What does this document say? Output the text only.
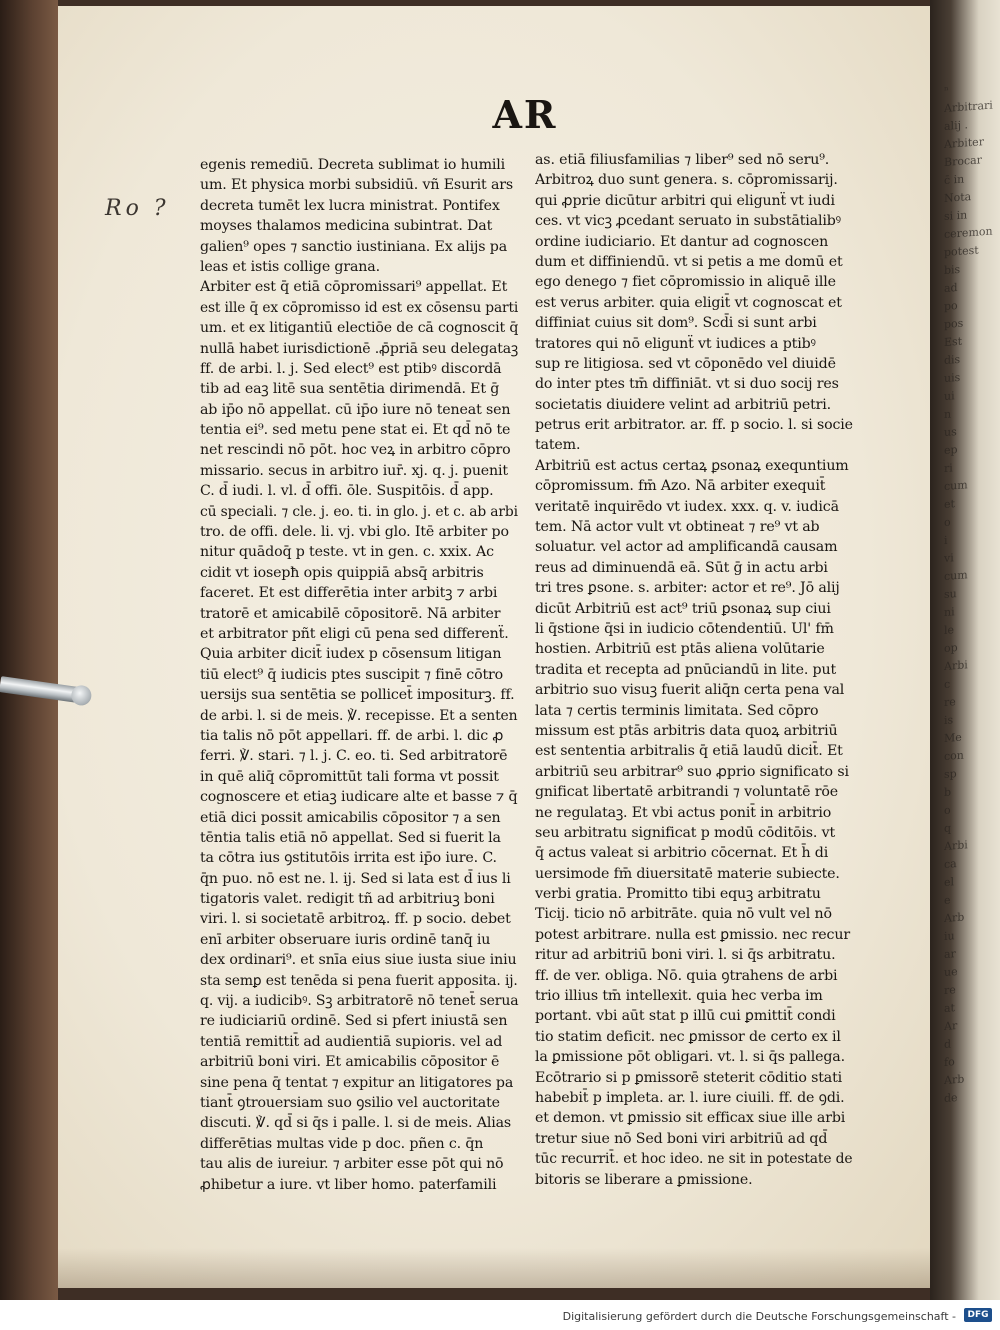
ⁿ
Arbitrari
alij .
Arbiter
Brocar
c̄ in
Nota
si in
ceremon
potest
bis
ad
po
pos
Est
dis
uis
ui
n
us
ep
ri
cum
et
o
i
vi
cum
su
ni
le
op
Arbi
c
re
is
Me
con
sp
b
o
q
Arbi
ca
el
e
Arb
iu
ar
ue
re
at
Ar
d
fo
Arb
de
AR
Ro ?
egenis remediū. Decreta sublimat io humili
um. Et physica morbi subsidiū. vñ Esurit ars
decreta tumēt lex lucra ministrat. Pontifex
moyses thalamos medicina subintrat. Dat
galien⁹ opes ⁊ sanctio iustiniana. Ex alijs pa
leas et istis collige grana.
Arbiter est q̄ etiā cōpromissari⁹ appellat. Et
est ille q̄ ex cōpromisso id est ex cōsensu parti
um. et ex litigantiū electiōe de cā cognoscit q̄
nullā habet iurisdictionē .ꝓ̄priā seu delegataꝫ
ff. de arbi. l. j. Sed elect⁹ est ptibꝰ discordā
tib ad eaꝫ litē sua sentētia dirimendā. Et ḡ
ab ip̄o nō appellat. cū ip̄o iure nō teneat sen
tentia ei⁹. sed metu pene stat ei. Et qd̄ nō te
net rescindi nō pōt. hoc veꝝ in arbitro cōpro
missario. secus in arbitro iur̄. xj. q. j. puenit
C. d̄ iudi. l. vl. d̄ offi. ōle. Suspitōis. d̄ app.
cū speciali. ⁊ cle. j. eo. ti. in glo. j. et c. ab arbi
tro. de offi. dele. li. vj. vbi glo. Itē arbiter po
nitur quādoq̄ p teste. vt in gen. c. xxix. Ac
cidit vt iosepħ opis quippiā absq̄ arbitris
faceret. Et est differētia inter arbitꝫ ⁊ arbi
tratorē et amicabilē cōpositorē. Nā arbiter
et arbitrator pñt eligi cū pena sed differenẗ.
Quia arbiter dicit̄ iudex p cōsensum litigan
tiū elect⁹ q̄ iudicis ptes suscipit ⁊ finē cōtro
uersijs sua sentētia se pollicet̄ impositurꝫ. ff.
de arbi. l. si de meis. ℣. recepisse. Et a senten
tia talis nō pōt appellari. ff. de arbi. l. dic ꝓ
ferri. ℣. stari. ⁊ l. j. C. eo. ti. Sed arbitratorē
in quē aliq̄ cōpromittūt tali forma vt possit
cognoscere et etiaꝫ iudicare alte et basse ⁊ q̄
etiā dici possit amicabilis cōpositor ⁊ a sen
tēntia talis etiā nō appellat. Sed si fuerit la
ta cōtra ius ꝯstitutōis irrita est ip̄o iure. C.
q̄n puo. nō est ne. l. ij. Sed si lata est d̄ ius li
tigatoris valet. redigit tñ ad arbitriuꝫ boni
viri. l. si societatē arbitroꝝ. ff. p socio. debet
enī arbiter obseruare iuris ordinē tanq̄ iu
dex ordinari⁹. et snīa eius siue iusta siue iniu
sta semꝑ est tenēda si pena fuerit apposita. ij.
q. vij. a iudicibꝰ. Sꝫ arbitratorē nō tenet̄ serua
re iudiciariū ordinē. Sed si pfert iniustā sen
tentiā remittit̄ ad audientiā supioris. vel ad
arbitriū boni viri. Et amicabilis cōpositor ē
sine pena q̄ tentat ⁊ expitur an litigatores pa
tiant̄ ꝯtrouersiam suo ꝯsilio vel auctoritate
discuti. ℣. qd̄ si q̄s i palle. l. si de meis. Alias
differētias multas vide p doc. pñen c. q̄n
tau alis de iureiur. ⁊ arbiter esse pōt qui nō
ꝓhibetur a iure. vt liber homo. paterfamili
as. etiā filiusfamilias ⁊ liber⁹ sed nō seru⁹.
Arbitroꝝ duo sunt genera. s. cōpromissarij.
qui ꝓprie dicūtur arbitri qui eligunẗ vt iudi
ces. vt vicꝫ ꝓcedant seruato in substātialibꝰ
ordine iudiciario. Et dantur ad cognoscen
dum et diffiniendū. vt si petis a me domū et
ego denego ⁊ fiet cōpromissio in aliquē ille
est verus arbiter. quia eligit̄ vt cognoscat et
diffiniat cuius sit dom⁹. Scd̄i si sunt arbi
tratores qui nō eligunẗ vt iudices a ptibꝰ
sup re litigiosa. sed vt cōponēdo vel diuidē
do inter ptes tm̄ diffiniāt. vt si duo socij res
societatis diuidere velint ad arbitriū petri.
petrus erit arbitrator. ar. ff. p socio. l. si socie
tatem.
Arbitriū est actus certaꝝ ꝑsonaꝝ exequntium
cōpromissum. fm̄ Azo. Nā arbiter exequit̄
veritatē inquirēdo vt iudex. xxx. q. v. iudicā
tem. Nā actor vult vt obtineat ⁊ re⁹ vt ab
soluatur. vel actor ad amplificandā causam
reus ad diminuendā eā. Sūt ḡ in actu arbi
tri tres ꝑsone. s. arbiter: actor et re⁹. Jō alij
dicūt Arbitriū est act⁹ triū ꝑsonaꝝ sup ciui
li q̄stione q̄si in iudicio cōtendentiū. Ul' fm̄
hostien. Arbitriū est ptās aliena volūtarie
tradita et recepta ad pnūciandū in lite. put
arbitrio suo visuꝫ fuerit aliq̄n certa pena val
lata ⁊ certis terminis limitata. Sed cōpro
missum est ptās arbitris data quoꝝ arbitriū
est sententia arbitralis q̄ etiā laudū dicit̄. Et
arbitriū seu arbitrar⁹ suo ꝓprio significato si
gnificat libertatē arbitrandi ⁊ voluntatē rōe
ne regulataꝫ. Et vbi actus ponit̄ in arbitrio
seu arbitratu significat p modū cōditōis. vt
q̄ actus valeat si arbitrio cōcernat. Et h̄ di
uersimode fm̄ diuersitatē materie subiecte.
verbi gratia. Promitto tibi equꝫ arbitratu
Ticij. ticio nō arbitrāte. quia nō vult vel nō
potest arbitrare. nulla est ꝑmissio. nec recur
ritur ad arbitriū boni viri. l. si q̄s arbitratu.
ff. de ver. obliga. Nō. quia ꝯtrahens de arbi
trio illius tm̄ intellexit. quia hec verba im
portant. vbi aūt stat p illū cui ꝑmittit̄ condi
tio statim deficit. nec ꝑmissor de certo ex il
la ꝑmissione pōt obligari. vt. l. si q̄s pallega.
Ecōtrario si p ꝑmissorē steterit cōditio stati
habebit̄ p impleta. ar. l. iure ciuili. ff. de ꝯdi.
et demon. vt ꝑmissio sit efficax siue ille arbi
tretur siue nō Sed boni viri arbitriū ad qd̄
tūc recurrit̄. et hoc ideo. ne sit in potestate de
bitoris se liberare a ꝑmissione.
Digitalisierung gefördert durch die Deutsche Forschungsgemeinschaft -	DFG
